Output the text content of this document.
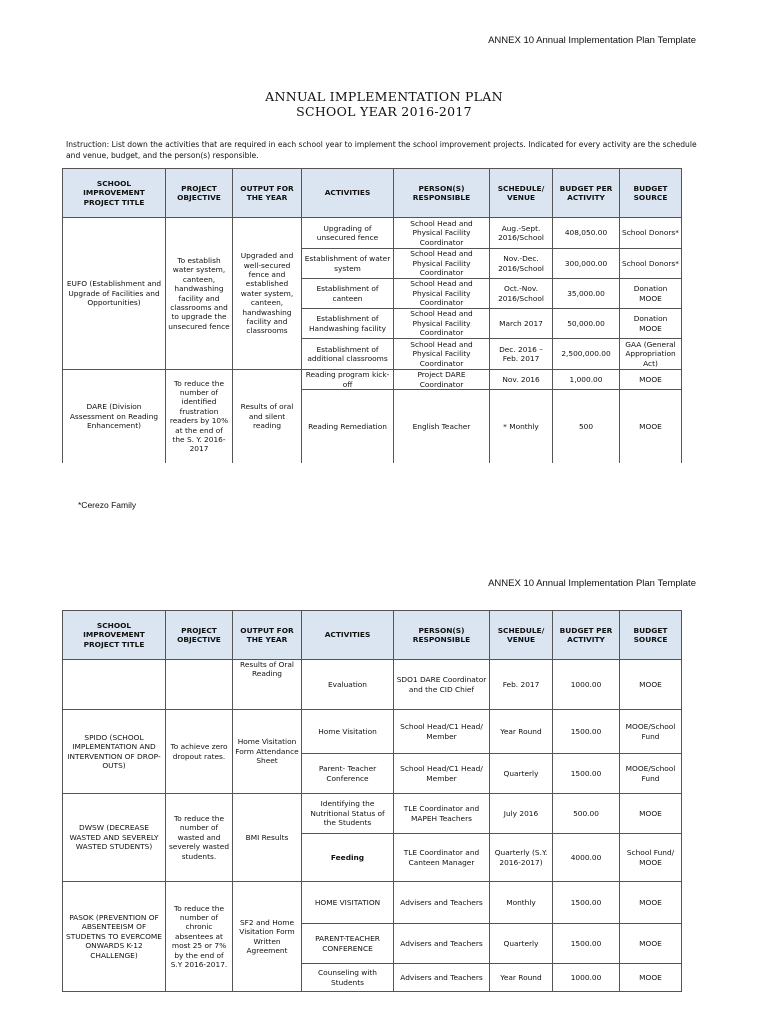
ANNEX 10 Annual Implementation Plan Template
ANNUAL IMPLEMENTATION PLAN
SCHOOL YEAR 2016-2017
Instruction: List down the activities that are required in each school year to implement the school improvement projects. Indicated for every activity are the schedule and venue, budget, and the person(s) responsible.
SCHOOL IMPROVEMENT PROJECT TITLE	PROJECT OBJECTIVE	OUTPUT FOR THE YEAR	ACTIVITIES	PERSON(S) RESPONSIBLE	SCHEDULE/ VENUE	BUDGET PER ACTIVITY	BUDGET SOURCE
EUFO (Establishment and Upgrade of Facilities and Opportunities)	To establish water system, canteen, handwashing facility and classrooms and to upgrade the unsecured fence	Upgraded and well-secured fence and established water system, canteen, handwashing facility and classrooms	Upgrading of unsecured fence	School Head and Physical Facility Coordinator	Aug.-Sept. 2016/School	408,050.00	School Donors*
			Establishment of water system	School Head and Physical Facility Coordinator	Nov.-Dec. 2016/School	300,000.00	School Donors*
			Establishment of canteen	School Head and Physical Facility Coordinator	Oct.-Nov. 2016/School	35,000.00	Donation MOOE
			Establishment of Handwashing facility	School Head and Physical Facility Coordinator	March 2017	50,000.00	Donation MOOE
			Establishment of additional classrooms	School Head and Physical Facility Coordinator	Dec. 2016 – Feb. 2017	2,500,000.00	GAA (General Appropriation Act)
DARE (Division Assessment on Reading Enhancement)	To reduce the number of identified frustration readers by 10% at the end of the S. Y. 2016-2017	Results of oral and silent reading	Reading program kick-off	Project DARE Coordinator	Nov. 2016	1,000.00	MOOE
			Reading Remediation	English Teacher	* Monthly	500	MOOE
*Cerezo Family
ANNEX 10 Annual Implementation Plan Template
SCHOOL IMPROVEMENT PROJECT TITLE	PROJECT OBJECTIVE	OUTPUT FOR THE YEAR	ACTIVITIES	PERSON(S) RESPONSIBLE	SCHEDULE/ VENUE	BUDGET PER ACTIVITY	BUDGET SOURCE
		Results of Oral Reading	Evaluation	SDO1 DARE Coordinator and the CID Chief	Feb. 2017	1000.00	MOOE
SPIDO (SCHOOL IMPLEMENTATION AND INTERVENTION OF DROP-OUTS)	To achieve zero dropout rates.	Home Visitation Form Attendance Sheet	Home Visitation	School Head/C1 Head/ Member	Year Round	1500.00	MOOE/School Fund
			Parent- Teacher Conference	School Head/C1 Head/ Member	Quarterly	1500.00	MOOE/School Fund
DWSW (DECREASE WASTED AND SEVERELY WASTED STUDENTS)	To reduce the number of wasted and severely wasted students.	BMI Results	Identifying the Nutritional Status of the Students	TLE Coordinator and MAPEH Teachers	July 2016	500.00	MOOE
			Feeding	TLE Coordinator and Canteen Manager	Quarterly (S.Y. 2016-2017)	4000.00	School Fund/ MOOE
PASOK (PREVENTION OF ABSENTEEISM OF STUDETNS TO EVERCOME ONWARDS K-12 CHALLENGE)	To reduce the number of chronic absentees at most 25 or 7% by the end of S.Y 2016-2017.	SF2 and Home Visitation Form Written Agreement	HOME VISITATION	Advisers and Teachers	Monthly	1500.00	MOOE
			PARENT-TEACHER CONFERENCE	Advisers and Teachers	Quarterly	1500.00	MOOE
			Counseling with Students	Advisers and Teachers	Year Round	1000.00	MOOE
